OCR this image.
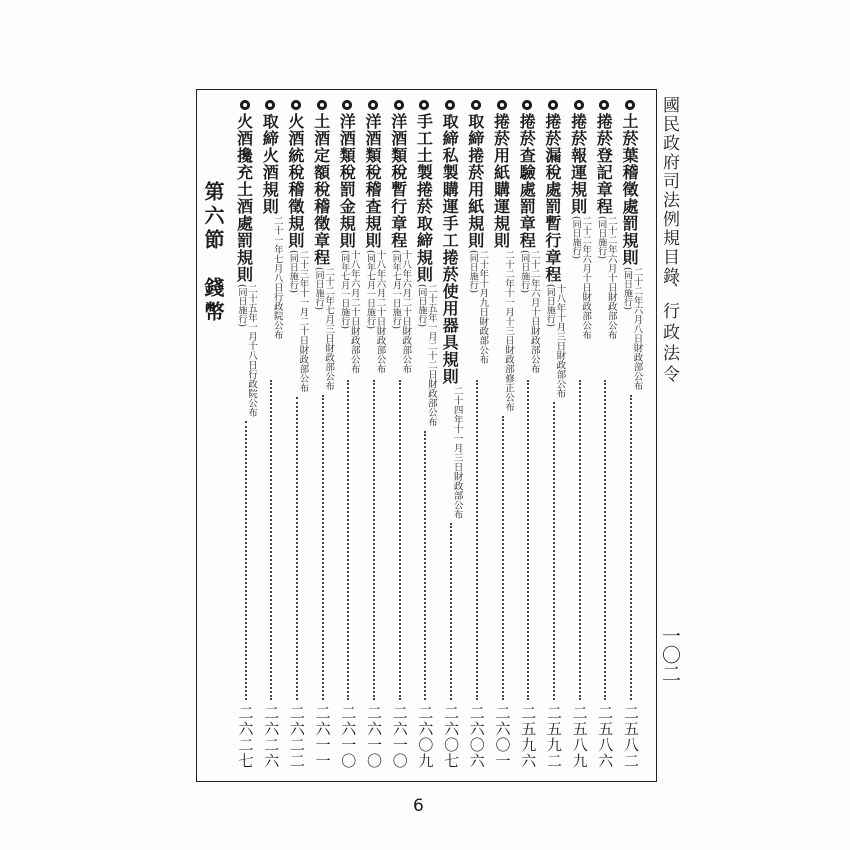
國民政府司法例規目錄
行政法令
、
一〇二
土菸葉稽徵處罰規則
二十二年六月八日財政部公布
(同日施行)
二五八二
捲菸登記章程
二十二年六月十日財政部公布
(同日施行)
二五八六
捲菸報運規則
二十二年六月十日財政部公布
(同日施行)
二五八九
捲菸漏稅處罰暫行章程
十八年十月三日財政部公布
(同日施行)
二五九二
捲菸查驗處罰章程
二十二年六月十日財政部公布
(同日施行)
二五九六
捲菸用紙購運規則
二十二年十一月十三日財政部修正公布
二六〇一
取締捲菸用紙規則
二十年十月九日財政部公布
(同日施行)
二六〇六
取締私製購運手工捲菸使用器具規則
二十四年十一月三日財政部公布
二六〇七
手工土製捲菸取締規則
二十五年一月二十二日財政部公布
(同日施行)
二六〇九
洋酒類稅暫行章程
十八年六月二十日財政部公布
(同年七月一日施行)
二六一〇
洋酒類稅稽查規則
十八年六月二十日財政部公布
(同年七月一日施行)
二六一〇
洋酒類稅罰金規則
十八年六月二十日財政部公布
(同年七月一日施行)
二六一〇
土酒定額稅稽徵章程
二十二年七月三日財政部公布
(同日施行)
二六一一
火酒統稅稽徵規則
二十三年十一月二十日財政部公布
(同日施行)
二六二二
取締火酒規則
二十一年七月八日行政院公布
二六二六
火酒攙充土酒處罰規則
二十五年一月十八日行政院公布
(同日施行)
二六二七
第六節　錢幣
6
